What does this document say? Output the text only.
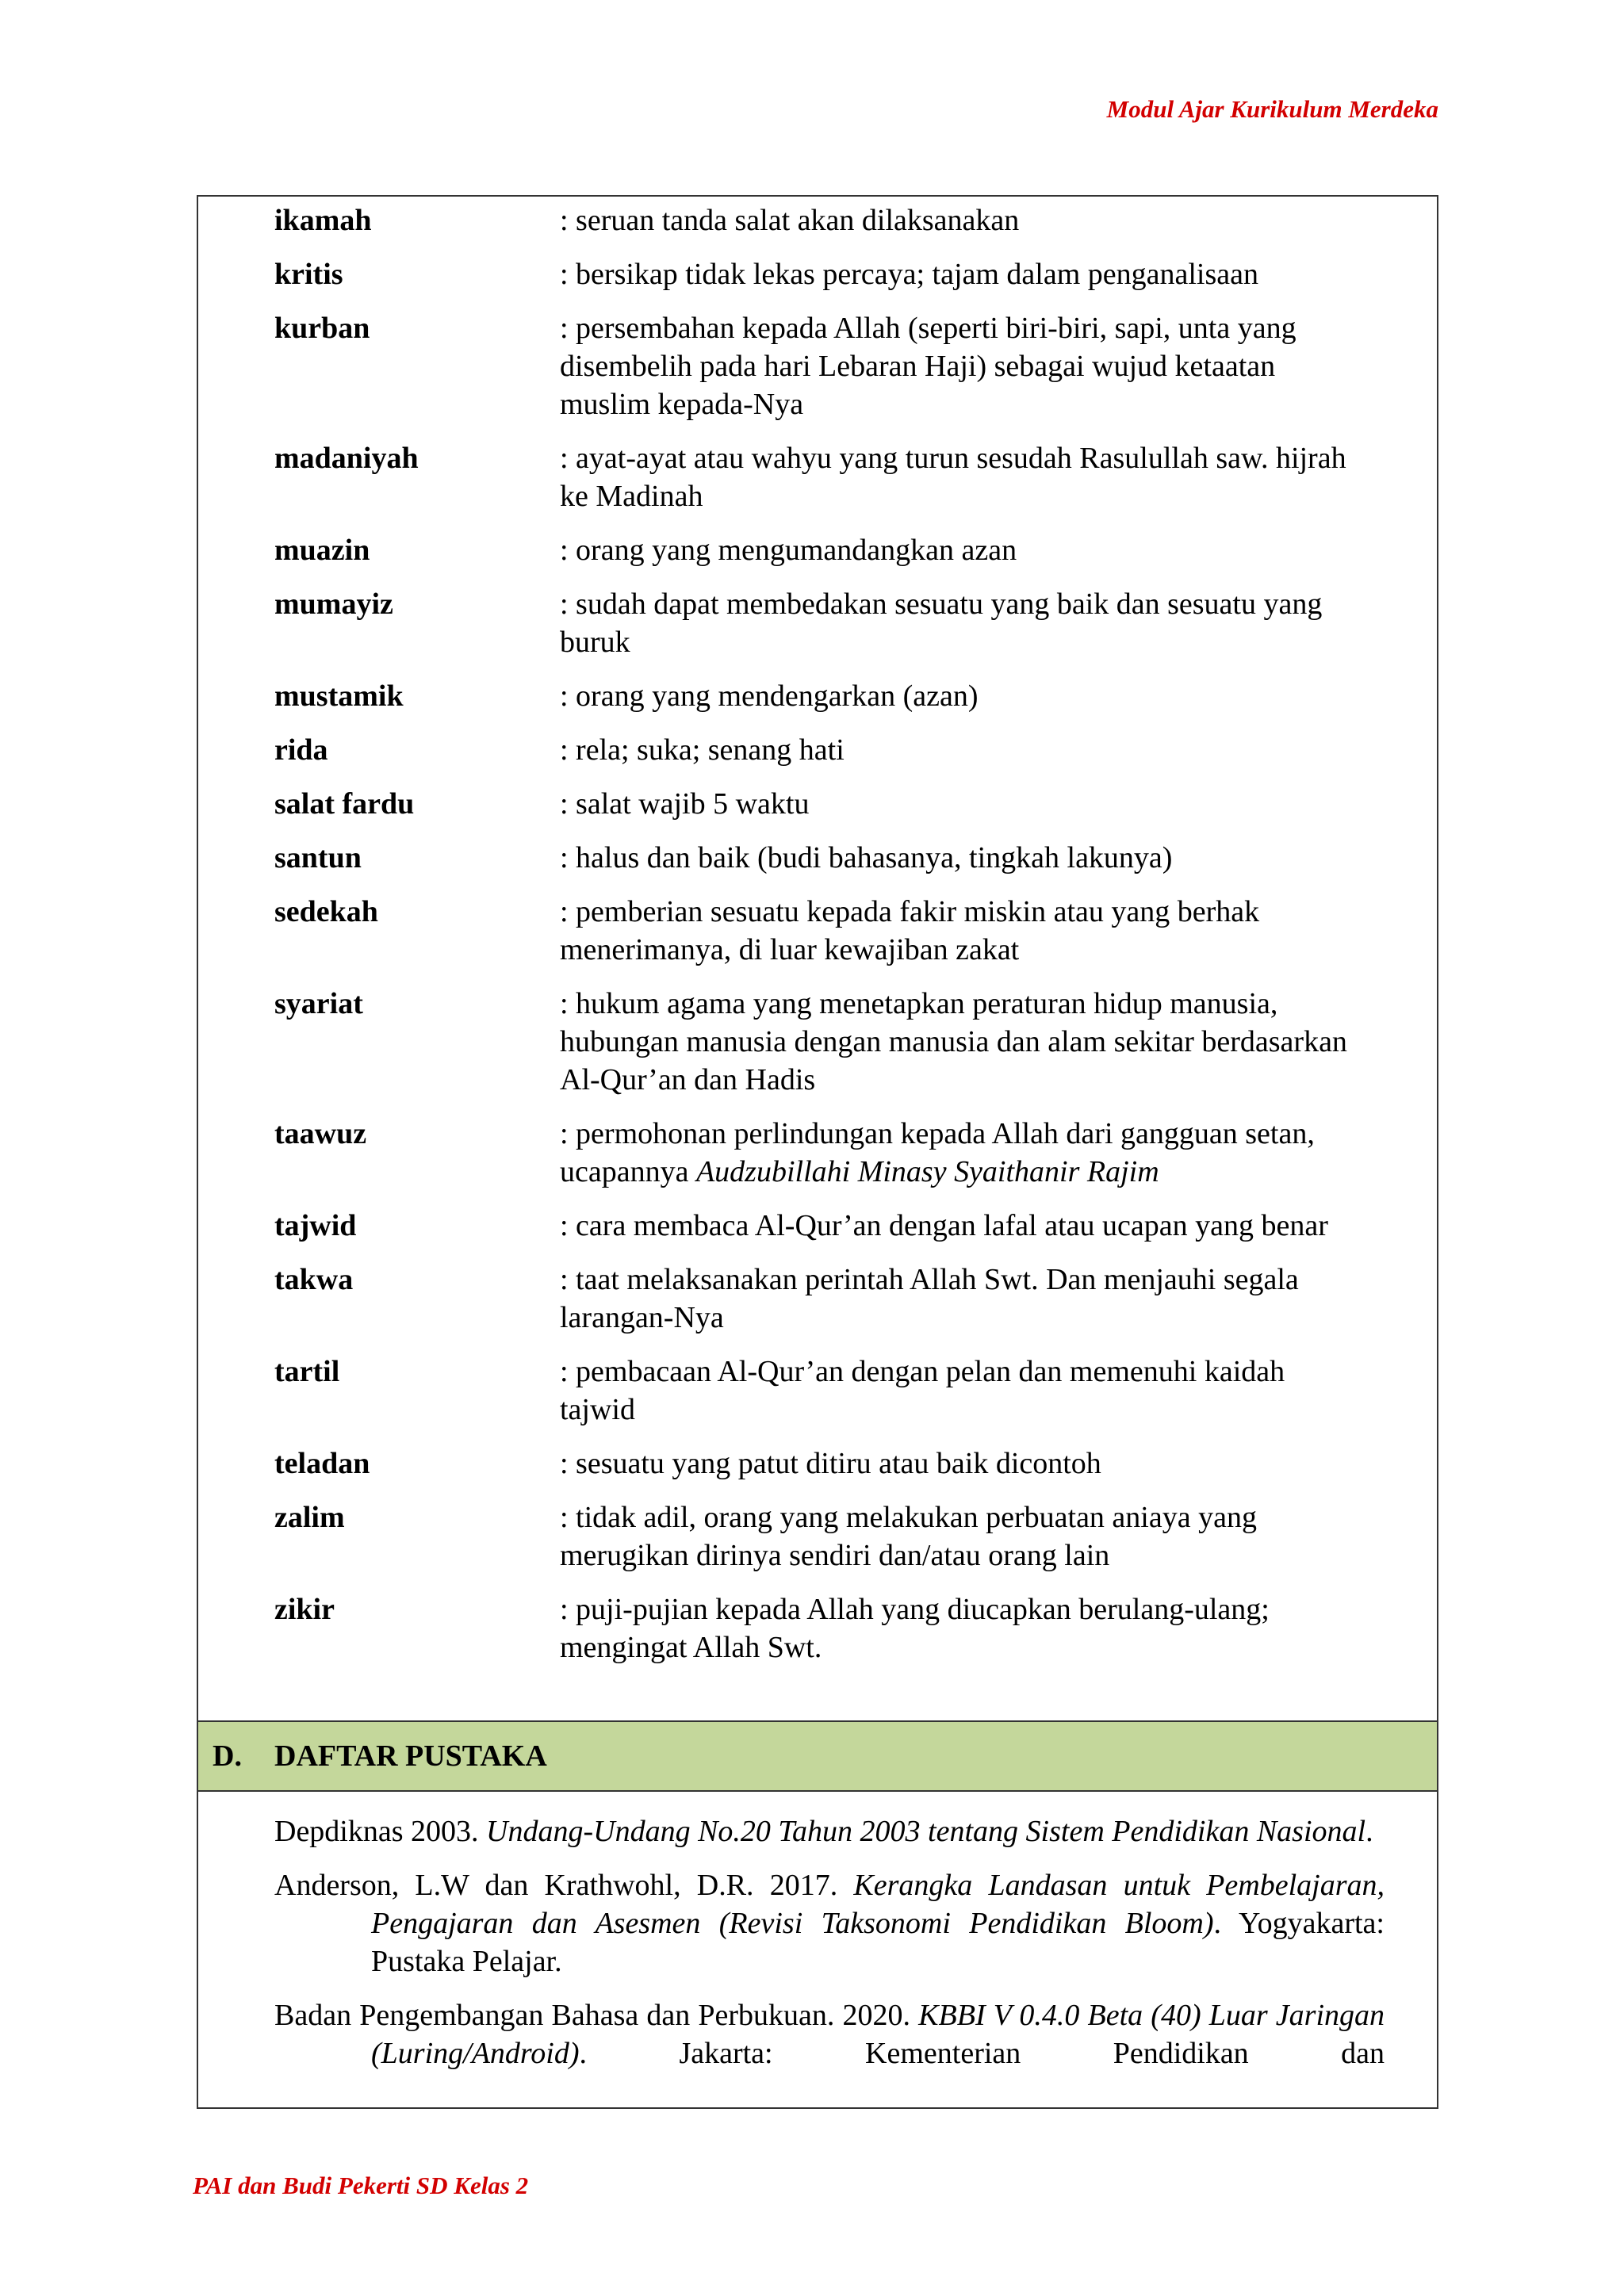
Modul Ajar Kurikulum Merdeka
ikamah	: seruan tanda salat akan dilaksanakan
kritis	: bersikap tidak lekas percaya; tajam dalam penganalisaan
kurban	: persembahan kepada Allah (seperti biri-biri, sapi, unta yang disembelih pada hari Lebaran Haji) sebagai wujud ketaatan muslim kepada-Nya
madaniyah	: ayat-ayat atau wahyu yang turun sesudah Rasulullah saw. hijrah ke Madinah
muazin	: orang yang mengumandangkan azan
mumayiz	: sudah dapat membedakan sesuatu yang baik dan sesuatu yang buruk
mustamik	: orang yang mendengarkan (azan)
rida	: rela; suka; senang hati
salat fardu	: salat wajib 5 waktu
santun	: halus dan baik (budi bahasanya, tingkah lakunya)
sedekah	: pemberian sesuatu kepada fakir miskin atau yang berhak menerimanya, di luar kewajiban zakat
syariat	: hukum agama yang menetapkan peraturan hidup manusia, hubungan manusia dengan manusia dan alam sekitar berdasarkan Al-Qur’an dan Hadis
taawuz	: permohonan perlindungan kepada Allah dari gangguan setan, ucapannya Audzubillahi Minasy Syaithanir Rajim
tajwid	: cara membaca Al-Qur’an dengan lafal atau ucapan yang benar
takwa	: taat melaksanakan perintah Allah Swt. Dan menjauhi segala larangan-Nya
tartil	: pembacaan Al-Qur’an dengan pelan dan memenuhi kaidah tajwid
teladan	: sesuatu yang patut ditiru atau baik dicontoh
zalim	: tidak adil, orang yang melakukan perbuatan aniaya yang merugikan dirinya sendiri dan/atau orang lain
zikir	: puji-pujian kepada Allah yang diucapkan berulang-ulang; mengingat Allah Swt.
D.	DAFTAR PUSTAKA
Depdiknas 2003. Undang-Undang No.20 Tahun 2003 tentang Sistem Pendidikan Nasional.
Anderson, L.W dan Krathwohl, D.R. 2017. Kerangka Landasan untuk Pembelajaran, Pengajaran dan Asesmen (Revisi Taksonomi Pendidikan Bloom). Yogyakarta: Pustaka Pelajar.
Badan Pengembangan Bahasa dan Perbukuan. 2020. KBBI V 0.4.0 Beta (40) Luar Jaringan (Luring/Android). Jakarta: Kementerian Pendidikan dan
PAI dan Budi Pekerti SD Kelas 2
